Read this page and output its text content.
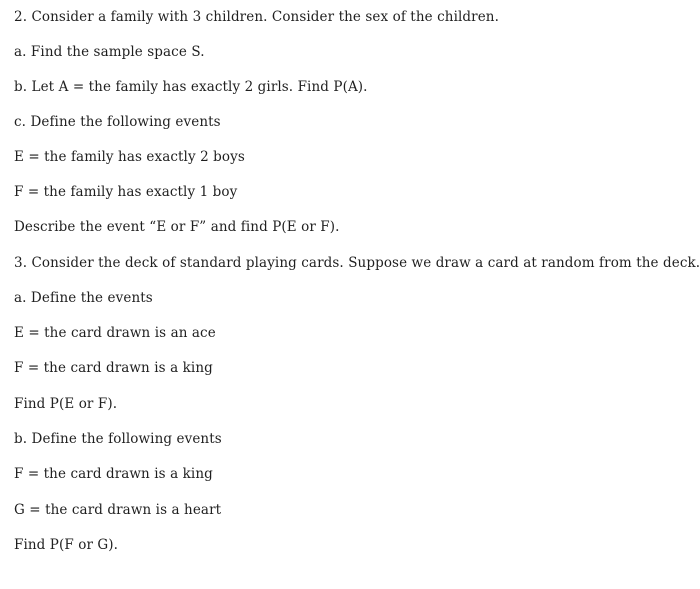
2. Consider a family with 3 children. Consider the sex of the children.
a. Find the sample space S.
b. Let A = the family has exactly 2 girls. Find P(A).
c. Define the following events
E = the family has exactly 2 boys
F = the family has exactly 1 boy
Describe the event “E or F” and find P(E or F).
3. Consider the deck of standard playing cards. Suppose we draw a card at random from the deck.
a. Define the events
E = the card drawn is an ace
F = the card drawn is a king
Find P(E or F).
b. Define the following events
F = the card drawn is a king
G = the card drawn is a heart
Find P(F or G).
